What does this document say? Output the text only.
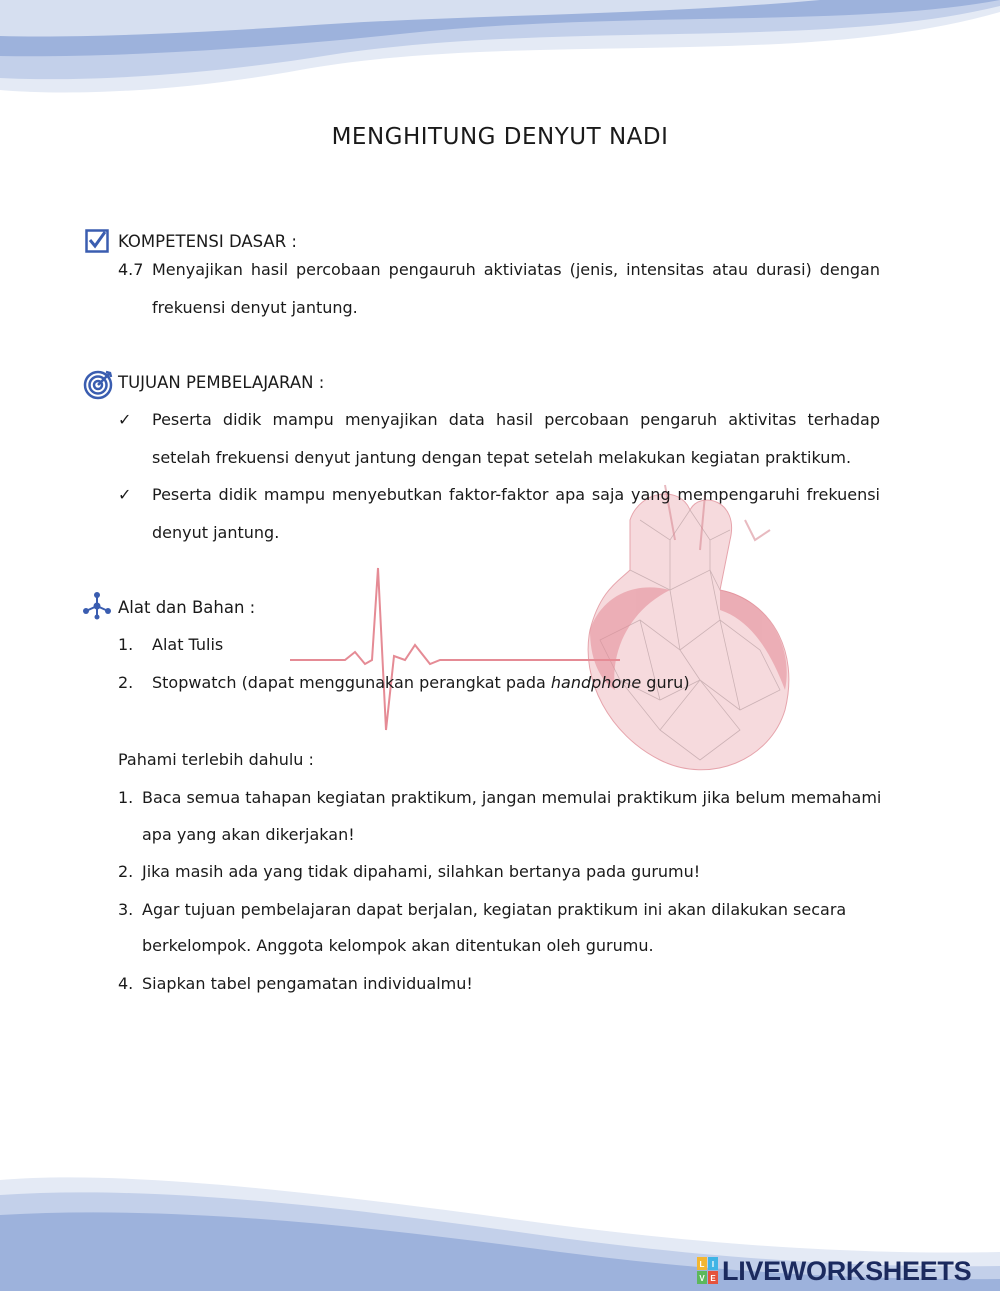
MENGHITUNG DENYUT NADI
KOMPETENSI DASAR :
4.7 Menyajikan hasil percobaan pengauruh aktiviatas (jenis, intensitas atau durasi) dengan
frekuensi denyut jantung.
TUJUAN PEMBELAJARAN :
✓ Peserta didik mampu menyajikan data hasil percobaan pengaruh aktivitas terhadap
setelah frekuensi denyut jantung dengan tepat setelah melakukan kegiatan praktikum.
✓ Peserta didik mampu menyebutkan faktor-faktor apa saja yang mempengaruhi frekuensi
denyut jantung.
Alat dan Bahan :
1. Alat Tulis
2. Stopwatch (dapat menggunakan perangkat pada handphone guru)
Pahami terlebih dahulu :
1. Baca semua tahapan kegiatan praktikum, jangan memulai praktikum jika belum memahami
apa yang akan dikerjakan!
2. Jika masih ada yang tidak dipahami, silahkan bertanya pada gurumu!
3. Agar tujuan pembelajaran dapat berjalan, kegiatan praktikum ini akan dilakukan secara
berkelompok. Anggota kelompok akan ditentukan oleh gurumu.
4. Siapkan tabel pengamatan individualmu!
L I
V E LIVEWORKSHEETS
